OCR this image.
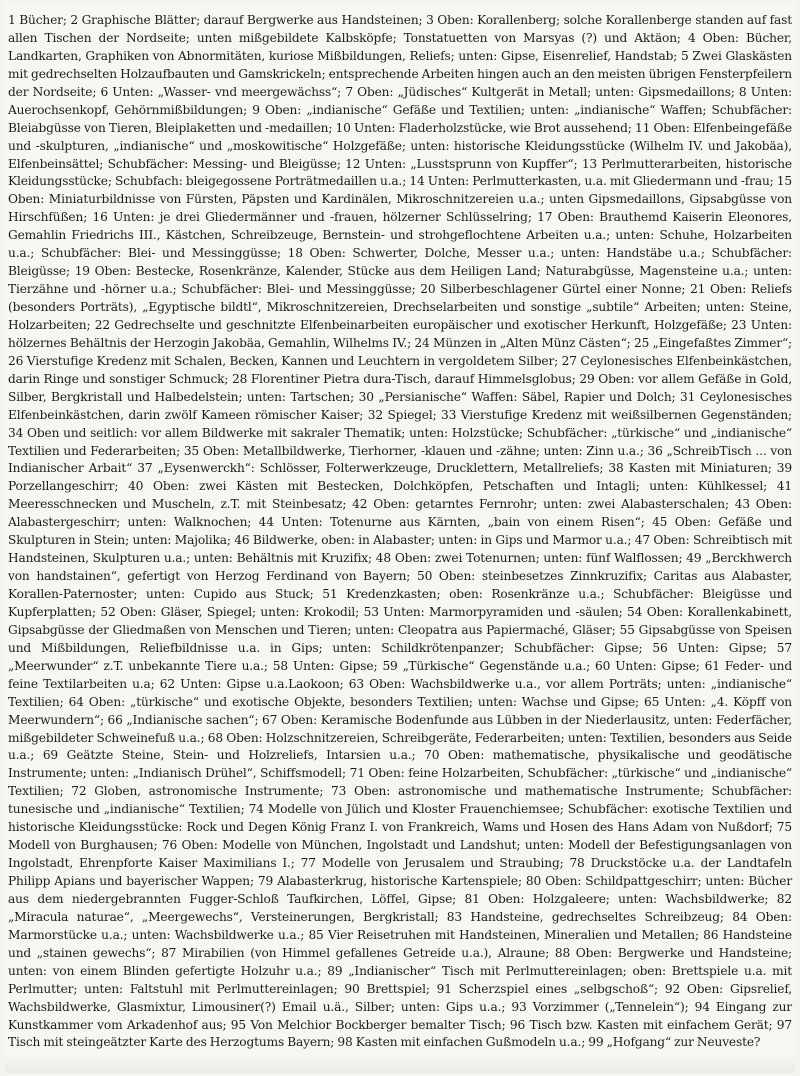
1 Bücher; 2 Graphische Blätter; darauf Bergwerke aus Handsteinen; 3 Oben: Korallenberg; solche Korallenberge standen auf fast allen Tischen der Nordseite; unten mißgebildete Kalbsköpfe; Tonstatuetten von Marsyas (?) und Aktäon; 4 Oben: Bücher, Landkarten, Graphiken von Abnormitäten, kuriose Mißbildungen, Reliefs; unten: Gipse, Eisenrelief, Handstab; 5 Zwei Glaskästen mit gedrechselten Holzaufbauten und Gamskrickeln; entsprechende Arbeiten hingen auch an den meisten übrigen Fensterpfeilern der Nordseite; 6 Unten: „Wasser- vnd meergewächss“; 7 Oben: „Jüdisches“ Kultgerät in Metall; unten: Gipsmedaillons; 8 Unten: Auerochsenkopf, Gehörnmißbildungen; 9 Oben: „indianische“ Gefäße und Textilien; unten: „indianische“ Waffen; Schubfächer: Bleiabgüsse von Tieren, Bleiplaketten und -medaillen; 10 Unten: Fladerholzstücke, wie Brot aussehend; 11 Oben: Elfenbeingefäße und -skulpturen, „indianische“ und „moskowitische“ Holzgefäße; unten: historische Kleidungsstücke (Wilhelm IV. und Jakobäa), Elfenbeinsättel; Schubfächer: Messing- und Bleigüsse; 12 Unten: „Lusstsprunn von Kupffer“; 13 Perlmutterarbeiten, historische Kleidungsstücke; Schubfach: bleigegossene Porträtmedaillen u.a.; 14 Unten: Perlmutterkasten, u.a. mit Gliedermann und -frau; 15 Oben: Miniaturbildnisse von Fürsten, Päpsten und Kardinälen, Mikroschnitzereien u.a.; unten Gipsmedaillons, Gipsabgüsse von Hirschfüßen; 16 Unten: je drei Gliedermänner und -frauen, hölzerner Schlüsselring; 17 Oben: Brauthemd Kaiserin Eleonores, Gemahlin Friedrichs III., Kästchen, Schreibzeuge, Bernstein- und strohgeflochtene Arbeiten u.a.; unten: Schuhe, Holzarbeiten u.a.; Schubfächer: Blei- und Messinggüsse; 18 Oben: Schwerter, Dolche, Messer u.a.; unten: Handstäbe u.a.; Schubfächer: Bleigüsse; 19 Oben: Bestecke, Rosenkränze, Kalender, Stücke aus dem Heiligen Land; Naturabgüsse, Magensteine u.a.; unten: Tierzähne und -hörner u.a.; Schubfächer: Blei- und Messinggüsse; 20 Silberbeschlagener Gürtel einer Nonne; 21 Oben: Reliefs (besonders Porträts), „Egyptische bildtl“, Mikroschnitzereien, Drechselarbeiten und sonstige „subtile“ Arbeiten; unten: Steine, Holzarbeiten; 22 Gedrechselte und geschnitzte Elfenbeinarbeiten europäischer und exotischer Herkunft, Holzgefäße; 23 Unten: hölzernes Behältnis der Herzogin Jakobäa, Gemahlin, Wilhelms IV.; 24 Münzen in „Alten Münz Cästen“; 25 „Eingefaßtes Zimmer“; 26 Vierstufige Kredenz mit Schalen, Becken, Kannen und Leuchtern in vergoldetem Silber; 27 Ceylonesisches Elfenbeinkästchen, darin Ringe und sonstiger Schmuck; 28 Florentiner Pietra dura-Tisch, darauf Himmelsglobus; 29 Oben: vor allem Gefäße in Gold, Silber, Bergkristall und Halbedelstein; unten: Tartschen; 30 „Persianische“ Waffen: Säbel, Rapier und Dolch; 31 Ceylonesisches Elfenbeinkästchen, darin zwölf Kameen römischer Kaiser; 32 Spiegel; 33 Vierstufige Kredenz mit weißsilbernen Gegenständen; 34 Oben und seitlich: vor allem Bildwerke mit sakraler Thematik; unten: Holzstücke; Schubfächer: „türkische“ und „indianische“ Textilien und Federarbeiten; 35 Oben: Metallbildwerke, Tierhorner, -klauen und -zähne; unten: Zinn u.a.; 36 „SchreibTisch ... von Indianischer Arbait“ 37 „Eysenwerckh“: Schlösser, Folterwerkzeuge, Drucklettern, Metallreliefs; 38 Kasten mit Miniaturen; 39 Porzellangeschirr; 40 Oben: zwei Kästen mit Bestecken, Dolchköpfen, Petschaften und Intagli; unten: Kühlkessel; 41 Meeresschnecken und Muscheln, z.T. mit Steinbesatz; 42 Oben: getarntes Fernrohr; unten: zwei Alabasterschalen; 43 Oben: Alabastergeschirr; unten: Walknochen; 44 Unten: Totenurne aus Kärnten, „bain von einem Risen“; 45 Oben: Gefäße und Skulpturen in Stein; unten: Majolika; 46 Bildwerke, oben: in Alabaster; unten: in Gips und Marmor u.a.; 47 Oben: Schreibtisch mit Handsteinen, Skulpturen u.a.; unten: Behältnis mit Kruzifix; 48 Oben: zwei Totenurnen; unten: fünf Walflossen; 49 „Berckhwerch von handstainen“, gefertigt von Herzog Ferdinand von Bayern; 50 Oben: steinbesetzes Zinnkruzifix; Caritas aus Alabaster, Korallen-Paternoster; unten: Cupido aus Stuck; 51 Kredenzkasten; oben: Rosenkränze u.a.; Schubfächer: Bleigüsse und Kupferplatten; 52 Oben: Gläser, Spiegel; unten: Krokodil; 53 Unten: Marmorpyramiden und -säulen; 54 Oben: Korallenkabinett, Gipsabgüsse der Gliedmaßen von Menschen und Tieren; unten: Cleopatra aus Papiermaché, Gläser; 55 Gipsabgüsse von Speisen und Mißbildungen, Reliefbildnisse u.a. in Gips; unten: Schildkrötenpanzer; Schubfächer: Gipse; 56 Unten: Gipse; 57 „Meerwunder“ z.T. unbekannte Tiere u.a.; 58 Unten: Gipse; 59 „Türkische“ Gegenstände u.a.; 60 Unten: Gipse; 61 Feder- und feine Textilarbeiten u.a; 62 Unten: Gipse u.a.Laokoon; 63 Oben: Wachsbildwerke u.a., vor allem Porträts; unten: „indianische“ Textilien; 64 Oben: „türkische“ und exotische Objekte, besonders Textilien; unten: Wachse und Gipse; 65 Unten: „4. Köpff von Meerwundern“; 66 „Indianische sachen“; 67 Oben: Keramische Bodenfunde aus Lübben in der Niederlausitz, unten: Federfächer, mißgebildeter Schweinefuß u.a.; 68 Oben: Holzschnitzereien, Schreibgeräte, Federarbeiten; unten: Textilien, besonders aus Seide u.a.; 69 Geätzte Steine, Stein- und Holzreliefs, Intarsien u.a.; 70 Oben: mathematische, physikalische und geodätische Instrumente; unten: „Indianisch Drühel“, Schiffsmodell; 71 Oben: feine Holzarbeiten, Schubfächer: „türkische“ und „indianische“ Textilien; 72 Globen, astronomische Instrumente; 73 Oben: astronomische und mathematische Instrumente; Schubfächer: tunesische und „indianische“ Textilien; 74 Modelle von Jülich und Kloster Frauenchiemsee; Schubfächer: exotische Textilien und historische Kleidungsstücke: Rock und Degen König Franz I. von Frankreich, Wams und Hosen des Hans Adam von Nußdorf; 75 Modell von Burghausen; 76 Oben: Modelle von München, Ingolstadt und Landshut; unten: Modell der Befestigungsanlagen von Ingolstadt, Ehrenpforte Kaiser Maximilians I.; 77 Modelle von Jerusalem und Straubing; 78 Druckstöcke u.a. der Landtafeln Philipp Apians und bayerischer Wappen; 79 Alabasterkrug, historische Kartenspiele; 80 Oben: Schildpattgeschirr; unten: Bücher aus dem niedergebrannten Fugger-Schloß Taufkirchen, Löffel, Gipse; 81 Oben: Holzgaleere; unten: Wachsbildwerke; 82 „Miracula naturae“, „Meergewechs“, Versteinerungen, Bergkristall; 83 Handsteine, gedrechseltes Schreibzeug; 84 Oben: Marmorstücke u.a.; unten: Wachsbildwerke u.a.; 85 Vier Reisetruhen mit Handsteinen, Mineralien und Metallen; 86 Handsteine und „stainen gewechs“; 87 Mirabilien (von Himmel gefallenes Getreide u.a.), Alraune; 88 Oben: Bergwerke und Handsteine; unten: von einem Blinden gefertigte Holzuhr u.a.; 89 „Indianischer“ Tisch mit Perlmuttereinlagen; oben: Brettspiele u.a. mit Perlmutter; unten: Faltstuhl mit Perlmuttereinlagen; 90 Brettspiel; 91 Scherzspiel eines „selbgschoß“; 92 Oben: Gipsrelief, Wachsbildwerke, Glasmixtur, Limousiner(?) Email u.ä., Silber; unten: Gips u.a.; 93 Vorzimmer („Tennelein“); 94 Eingang zur Kunstkammer vom Arkadenhof aus; 95 Von Melchior Bockberger bemalter Tisch; 96 Tisch bzw. Kasten mit einfachem Gerät; 97 Tisch mit steingeätzter Karte des Herzogtums Bayern; 98 Kasten mit einfachen Gußmodeln u.a.; 99 „Hofgang“ zur Neuveste?
